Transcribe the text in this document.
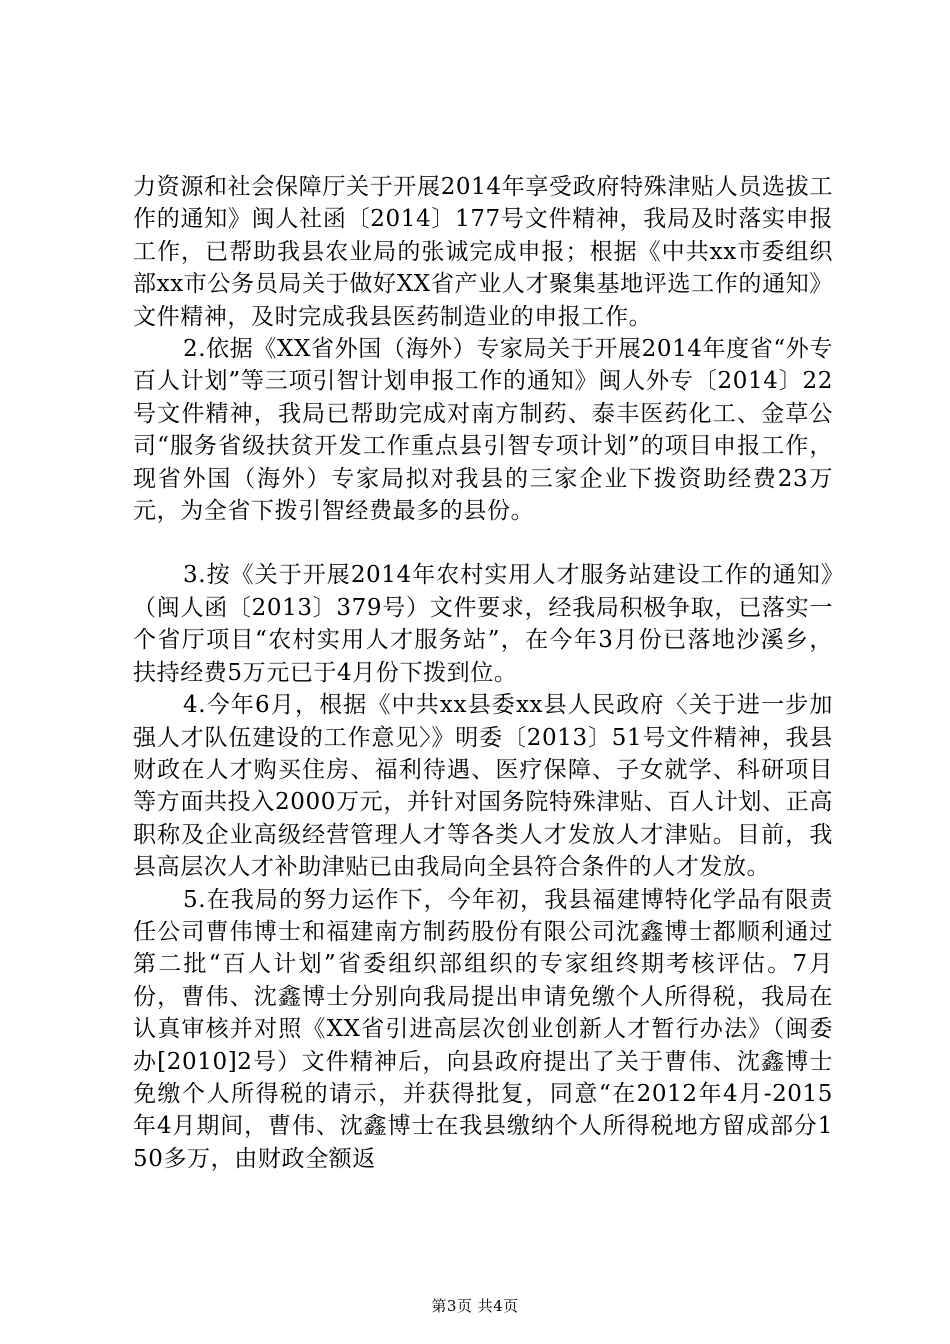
力资源和社会保障厅关于开展2014年享受政府特殊津贴人员选拔工作的通知》闽人社函〔2014〕177号文件精神，我局及时落实申报工作，已帮助我县农业局的张诚完成申报；根据《中共xx市委组织部xx市公务员局关于做好XX省产业人才聚集基地评选工作的通知》文件精神，及时完成我县医药制造业的申报工作。

2.依据《XX省外国（海外）专家局关于开展2014年度省“外专百人计划”等三项引智计划申报工作的通知》闽人外专〔2014〕22号文件精神，我局已帮助完成对南方制药、泰丰医药化工、金草公司“服务省级扶贫开发工作重点县引智专项计划”的项目申报工作，现省外国（海外）专家局拟对我县的三家企业下拨资助经费23万元，为全省下拨引智经费最多的县份。

3.按《关于开展2014年农村实用人才服务站建设工作的通知》（闽人函〔2013〕379号）文件要求，经我局积极争取，已落实一个省厅项目“农村实用人才服务站”，在今年3月份已落地沙溪乡，扶持经费5万元已于4月份下拨到位。

4.今年6月，根据《中共xx县委xx县人民政府〈关于进一步加强人才队伍建设的工作意见〉》明委〔2013〕51号文件精神，我县财政在人才购买住房、福利待遇、医疗保障、子女就学、科研项目等方面共投入2000万元，并针对国务院特殊津贴、百人计划、正高职称及企业高级经营管理人才等各类人才发放人才津贴。目前，我县高层次人才补助津贴已由我局向全县符合条件的人才发放。

5.在我局的努力运作下，今年初，我县福建博特化学品有限责任公司曹伟博士和福建南方制药股份有限公司沈鑫博士都顺利通过第二批“百人计划”省委组织部组织的专家组终期考核评估。7月份，曹伟、沈鑫博士分别向我局提出申请免缴个人所得税，我局在认真审核并对照《XX省引进高层次创业创新人才暂行办法》（闽委办[2010]2号）文件精神后，向县政府提出了关于曹伟、沈鑫博士免缴个人所得税的请示，并获得批复，同意“在2012年4月-2015年4月期间，曹伟、沈鑫博士在我县缴纳个人所得税地方留成部分150多万，由财政全额返

第3页 共4页
